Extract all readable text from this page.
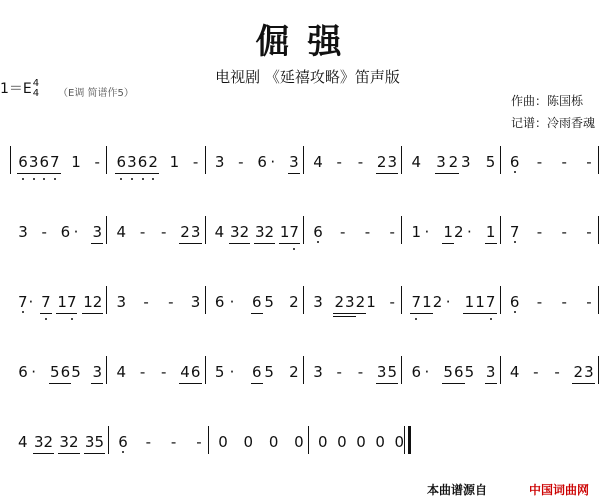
倔强
电视剧 《延禧攻略》笛声版
1＝E4
4 （E调 简谱作5）
作曲：陈国栎
记谱：冷雨香魂
6 3 6 7 1 - 6 3 6 2 1 - 3 - 6 · 3 4 - - 2 3 4 3 2 3 5 6 - - -
3 - 6 · 3 4 - - 2 3 4 3 2 3 2 1 7 6 - - - 1 · 1 2 · 1 7 - - -
7 · 7 1 7 1 2 3 - - 3 6 · 6 5 2 3 2 3 2 1 - 7 1 2 · 1 1 7 6 - - -
6 · 5 6 5 3 4 - - 4 6 5 · 6 5 2 3 - - 3 5 6 · 5 6 5 3 4 - - 2 3
4 3 2 3 2 3 5 6 - - - 0 0 0 0 0 0 0 0 0
本曲谱源自	中国词曲网
